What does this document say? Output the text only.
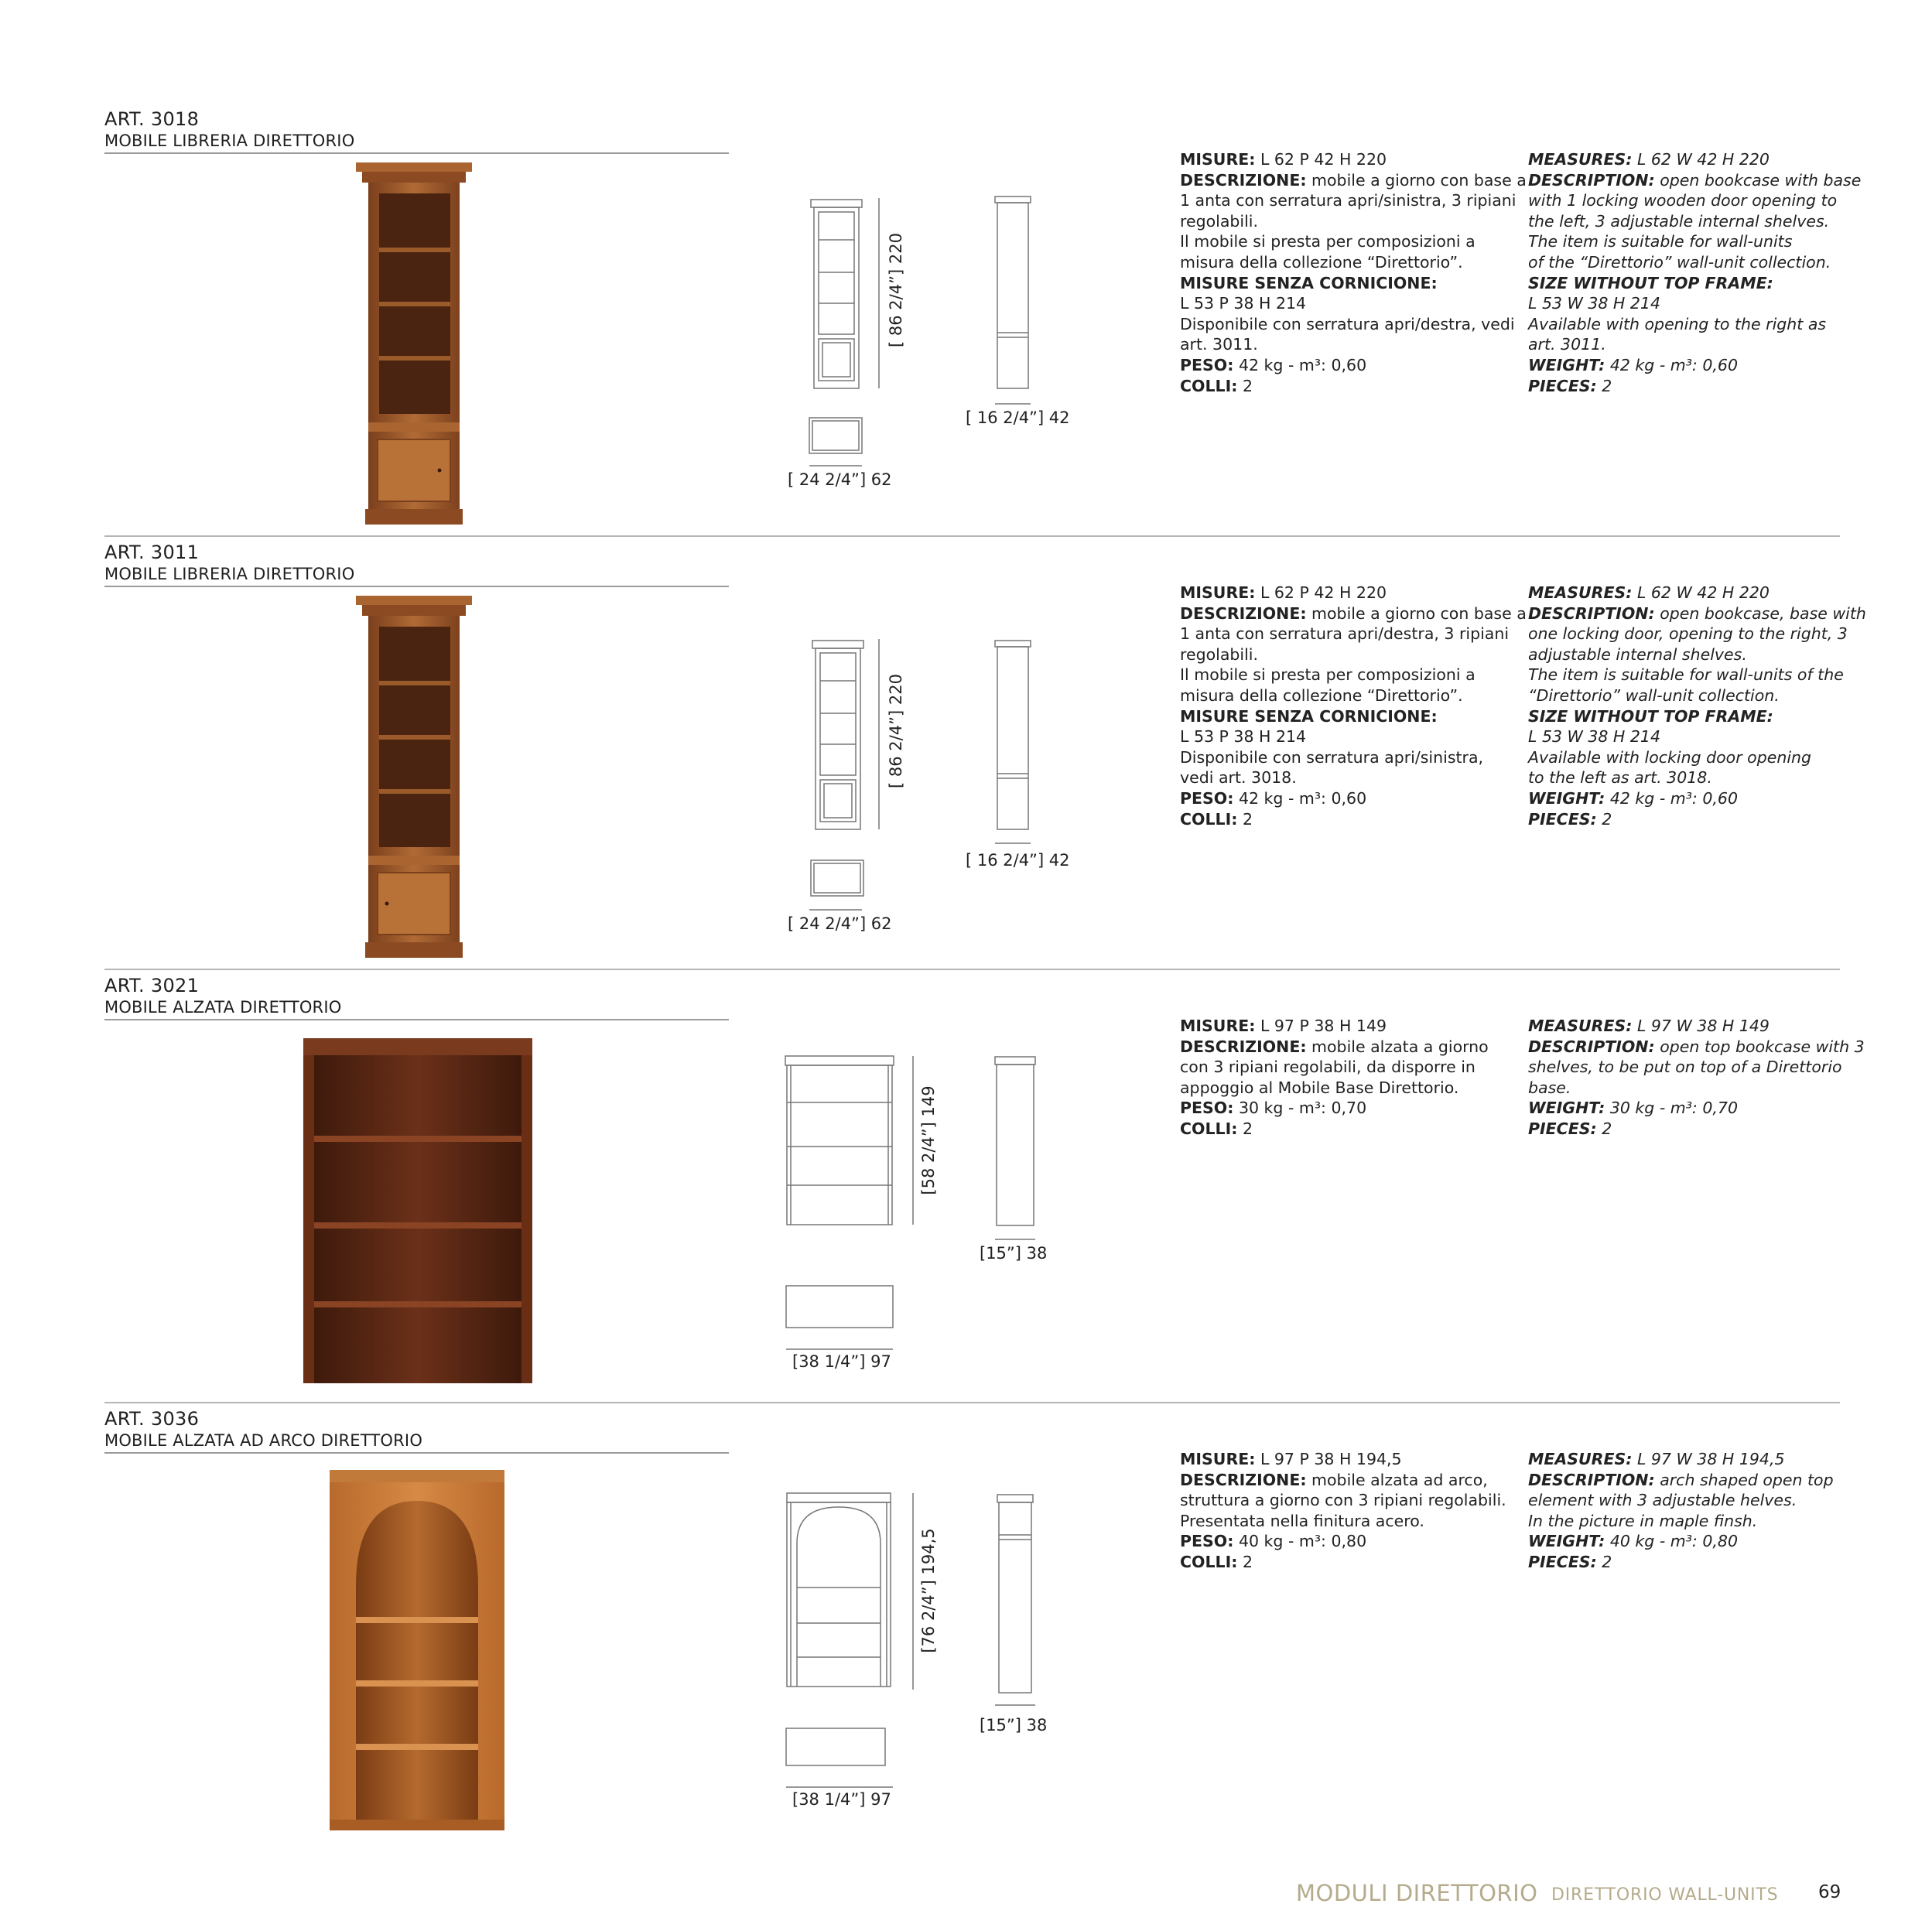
ART. 3018
MOBILE LIBRERIA DIRETTORIO
[ 86 2/4”] 220
[ 16 2/4”] 42
[ 24 2/4”] 62
MISURE: L 62 P 42 H 220
DESCRIZIONE: mobile a giorno con base a
1 anta con serratura apri/sinistra, 3 ripiani
regolabili.
Il mobile si presta per composizioni a
misura della collezione “Direttorio”.
MISURE SENZA CORNICIONE:
L 53 P 38 H 214
Disponibile con serratura apri/destra, vedi
art. 3011.
PESO: 42 kg - m³: 0,60
COLLI: 2
MEASURES: L 62 W 42 H 220
DESCRIPTION: open bookcase with base
with 1 locking wooden door opening to
the left, 3 adjustable internal shelves.
The item is suitable for wall-units
of the “Direttorio” wall-unit collection.
SIZE WITHOUT TOP FRAME:
L 53 W 38 H 214
Available with opening to the right as
art. 3011.
WEIGHT: 42 kg - m³: 0,60
PIECES: 2
ART. 3011
MOBILE LIBRERIA DIRETTORIO
[ 86 2/4”] 220
[ 16 2/4”] 42
[ 24 2/4”] 62
MISURE: L 62 P 42 H 220
DESCRIZIONE: mobile a giorno con base a
1 anta con serratura apri/destra, 3 ripiani
regolabili.
Il mobile si presta per composizioni a
misura della collezione “Direttorio”.
MISURE SENZA CORNICIONE:
L 53 P 38 H 214
Disponibile con serratura apri/sinistra,
vedi art. 3018.
PESO: 42 kg - m³: 0,60
COLLI: 2
MEASURES: L 62 W 42 H 220
DESCRIPTION: open bookcase, base with
one locking door, opening to the right, 3
adjustable internal shelves.
The item is suitable for wall-units of the
“Direttorio” wall-unit collection.
SIZE WITHOUT TOP FRAME:
L 53 W 38 H 214
Available with locking door opening
to the left as art. 3018.
WEIGHT: 42 kg - m³: 0,60
PIECES: 2
ART. 3021
MOBILE ALZATA DIRETTORIO
[58 2/4”] 149
[15”] 38
[38 1/4”] 97
MISURE: L 97 P 38 H 149
DESCRIZIONE: mobile alzata a giorno
con 3 ripiani regolabili, da disporre in
appoggio al Mobile Base Direttorio.
PESO: 30 kg - m³: 0,70
COLLI: 2
MEASURES: L 97 W 38 H 149
DESCRIPTION: open top bookcase with 3
shelves, to be put on top of a Direttorio
base.
WEIGHT: 30 kg - m³: 0,70
PIECES: 2
ART. 3036
MOBILE ALZATA AD ARCO DIRETTORIO
[76 2/4”] 194,5
[15”] 38
[38 1/4”] 97
MISURE: L 97 P 38 H 194,5
DESCRIZIONE: mobile alzata ad arco,
struttura a giorno con 3 ripiani regolabili.
Presentata nella finitura acero.
PESO: 40 kg - m³: 0,80
COLLI: 2
MEASURES: L 97 W 38 H 194,5
DESCRIPTION: arch shaped open top
element with 3 adjustable helves.
In the picture in maple finsh.
WEIGHT: 40 kg - m³: 0,80
PIECES: 2
MODULI DIRETTORIO DIRETTORIO WALL-UNITS 69
